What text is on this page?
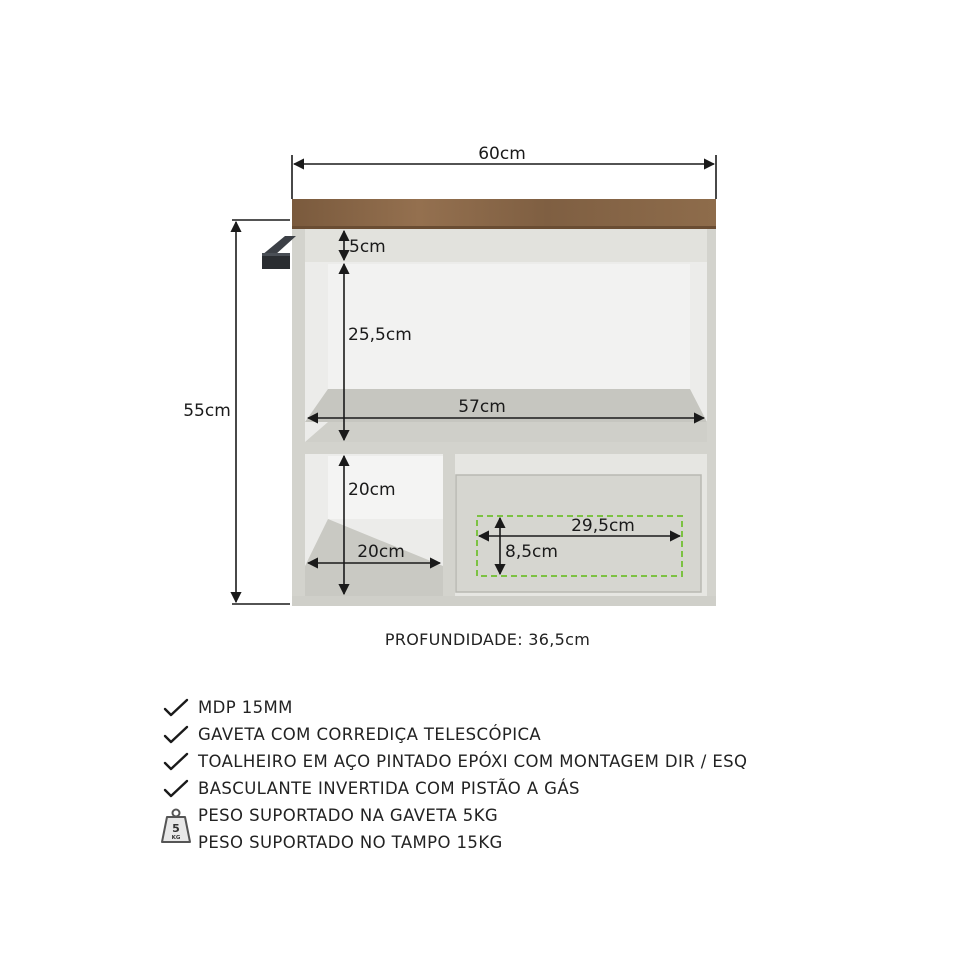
60cm
55cm
5cm
25,5cm
57cm
20cm
20cm
29,5cm
8,5cm
PROFUNDIDADE: 36,5cm
MDP 15MM
GAVETA COM CORREDIÇA TELESCÓPICA
TOALHEIRO EM AÇO PINTADO EPÓXI COM MONTAGEM DIR / ESQ
BASCULANTE INVERTIDA COM PISTÃO A GÁS
5
KG
PESO SUPORTADO NA GAVETA 5KG
PESO SUPORTADO NO TAMPO 15KG
